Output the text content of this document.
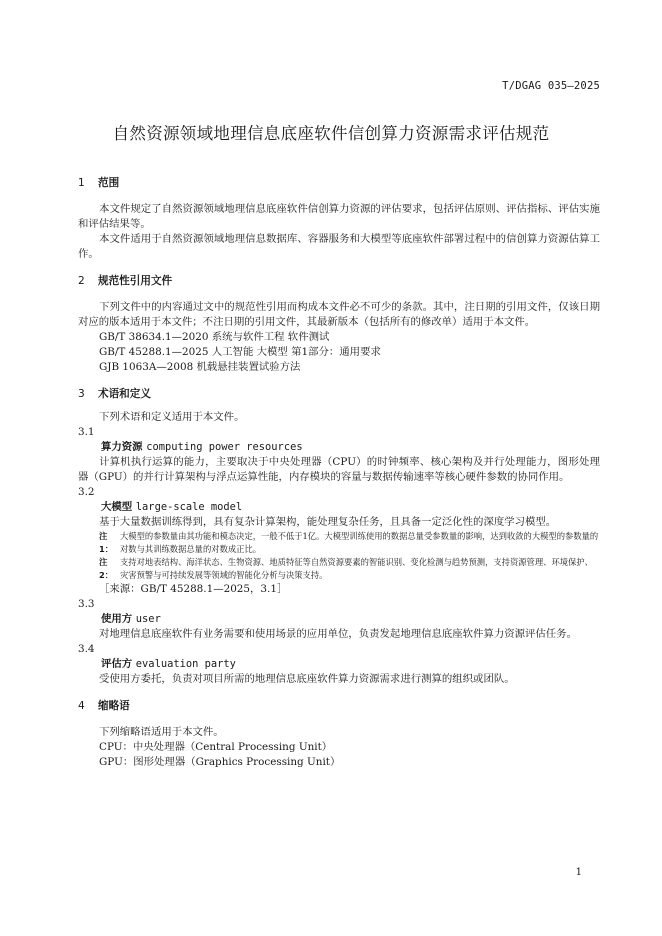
T/DGAG 035—2025
自然资源领域地理信息底座软件信创算力资源需求评估规范
1 范围
本文件规定了自然资源领域地理信息底座软件信创算力资源的评估要求，包括评估原则、评估指标、评估实施和评估结果等。
本文件适用于自然资源领域地理信息数据库、容器服务和大模型等底座软件部署过程中的信创算力资源估算工作。
2 规范性引用文件
下列文件中的内容通过文中的规范性引用而构成本文件必不可少的条款。其中，注日期的引用文件，仅该日期对应的版本适用于本文件；不注日期的引用文件，其最新版本（包括所有的修改单）适用于本文件。
GB/T 38634.1—2020 系统与软件工程 软件测试
GB/T 45288.1—2025 人工智能 大模型 第1部分：通用要求
GJB 1063A—2008 机载悬挂装置试验方法
3 术语和定义
下列术语和定义适用于本文件。
3.1
算力资源 computing power resources
计算机执行运算的能力，主要取决于中央处理器（CPU）的时钟频率、核心架构及并行处理能力，图形处理器（GPU）的并行计算架构与浮点运算性能，内存模块的容量与数据传输速率等核心硬件参数的协同作用。
3.2
大模型 large-scale model
基于大量数据训练得到，具有复杂计算架构，能处理复杂任务，且具备一定泛化性的深度学习模型。
注1：
大模型的参数量由其功能和模态决定，一般不低于1亿。大模型训练使用的数据总量受参数量的影响，达到收敛的大模型的参数量的对数与其训练数据总量的对数成正比。
注2：
支持对地表结构、海洋状态、生物资源、地质特征等自然资源要素的智能识别、变化检测与趋势预测，支持资源管理、环境保护、灾害预警与可持续发展等领域的智能化分析与决策支持。
［来源：GB/T 45288.1—2025，3.1］
3.3
使用方 user
对地理信息底座软件有业务需要和使用场景的应用单位，负责发起地理信息底座软件算力资源评估任务。
3.4
评估方 evaluation party
受使用方委托，负责对项目所需的地理信息底座软件算力资源需求进行测算的组织或团队。
4 缩略语
下列缩略语适用于本文件。
CPU：中央处理器（Central Processing Unit）
GPU：图形处理器（Graphics Processing Unit）
1
